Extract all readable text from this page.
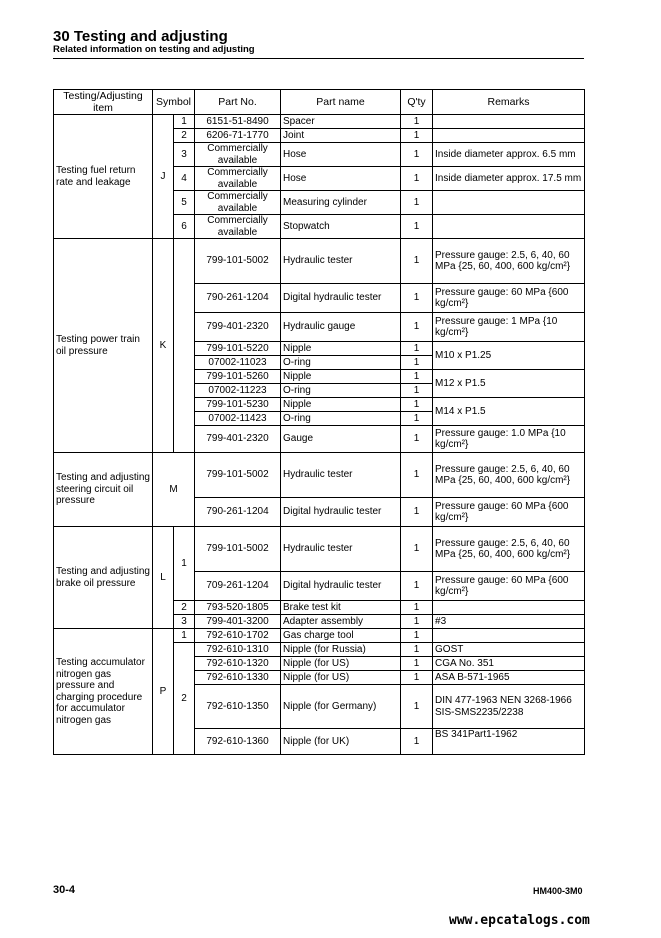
30 Testing and adjusting
Related information on testing and adjusting
Testing/Adjusting item	Symbol		Part No.	Part name	Q'ty	Remarks
Testing fuel return rate and leakage	J	1	6151-51-8490	Spacer	1	
		2	6206-71-1770	Joint	1	
		3	Commercially available	Hose	1	Inside diameter approx. 6.5 mm
		4	Commercially available	Hose	1	Inside diameter approx. 17.5 mm
		5	Commercially available	Measuring cylinder	1	
		6	Commercially available	Stopwatch	1	
Testing power train oil pressure	K		799-101-5002	Hydraulic tester	1	Pressure gauge: 2.5, 6, 40, 60 MPa {25, 60, 400, 600 kg/cm²}
			790-261-1204	Digital hydraulic tester	1	Pressure gauge: 60 MPa {600 kg/cm²}
			799-401-2320	Hydraulic gauge	1	Pressure gauge: 1 MPa {10 kg/cm²}
			799-101-5220	Nipple	1	M10 x P1.25
			07002-11023	O-ring	1	
			799-101-5260	Nipple	1	M12 x P1.5
			07002-11223	O-ring	1	
			799-101-5230	Nipple	1	M14 x P1.5
			07002-11423	O-ring	1	
			799-401-2320	Gauge	1	Pressure gauge: 1.0 MPa {10 kg/cm²}
Testing and adjusting steering circuit oil pressure	M		799-101-5002	Hydraulic tester	1	Pressure gauge: 2.5, 6, 40, 60 MPa {25, 60, 400, 600 kg/cm²}
			790-261-1204	Digital hydraulic tester	1	Pressure gauge: 60 MPa {600 kg/cm²}
Testing and adjusting brake oil pressure	L	1	799-101-5002	Hydraulic tester	1	Pressure gauge: 2.5, 6, 40, 60 MPa {25, 60, 400, 600 kg/cm²}
			709-261-1204	Digital hydraulic tester	1	Pressure gauge: 60 MPa {600 kg/cm²}
		2	793-520-1805	Brake test kit	1	
		3	799-401-3200	Adapter assembly	1	#3
Testing accumulator nitrogen gas pressure and charging procedure for accumulator nitrogen gas	P	1	792-610-1702	Gas charge tool	1	
		2	792-610-1310	Nipple (for Russia)	1	GOST
			792-610-1320	Nipple (for US)	1	CGA No. 351
			792-610-1330	Nipple (for US)	1	ASA B-571-1965
			792-610-1350	Nipple (for Germany)	1	DIN 477-1963 NEN 3268-1966 SIS-SMS2235/2238
			792-610-1360	Nipple (for UK)	1	BS 341Part1-1962
30-4	HM400-3M0
www.epcatalogs.com
